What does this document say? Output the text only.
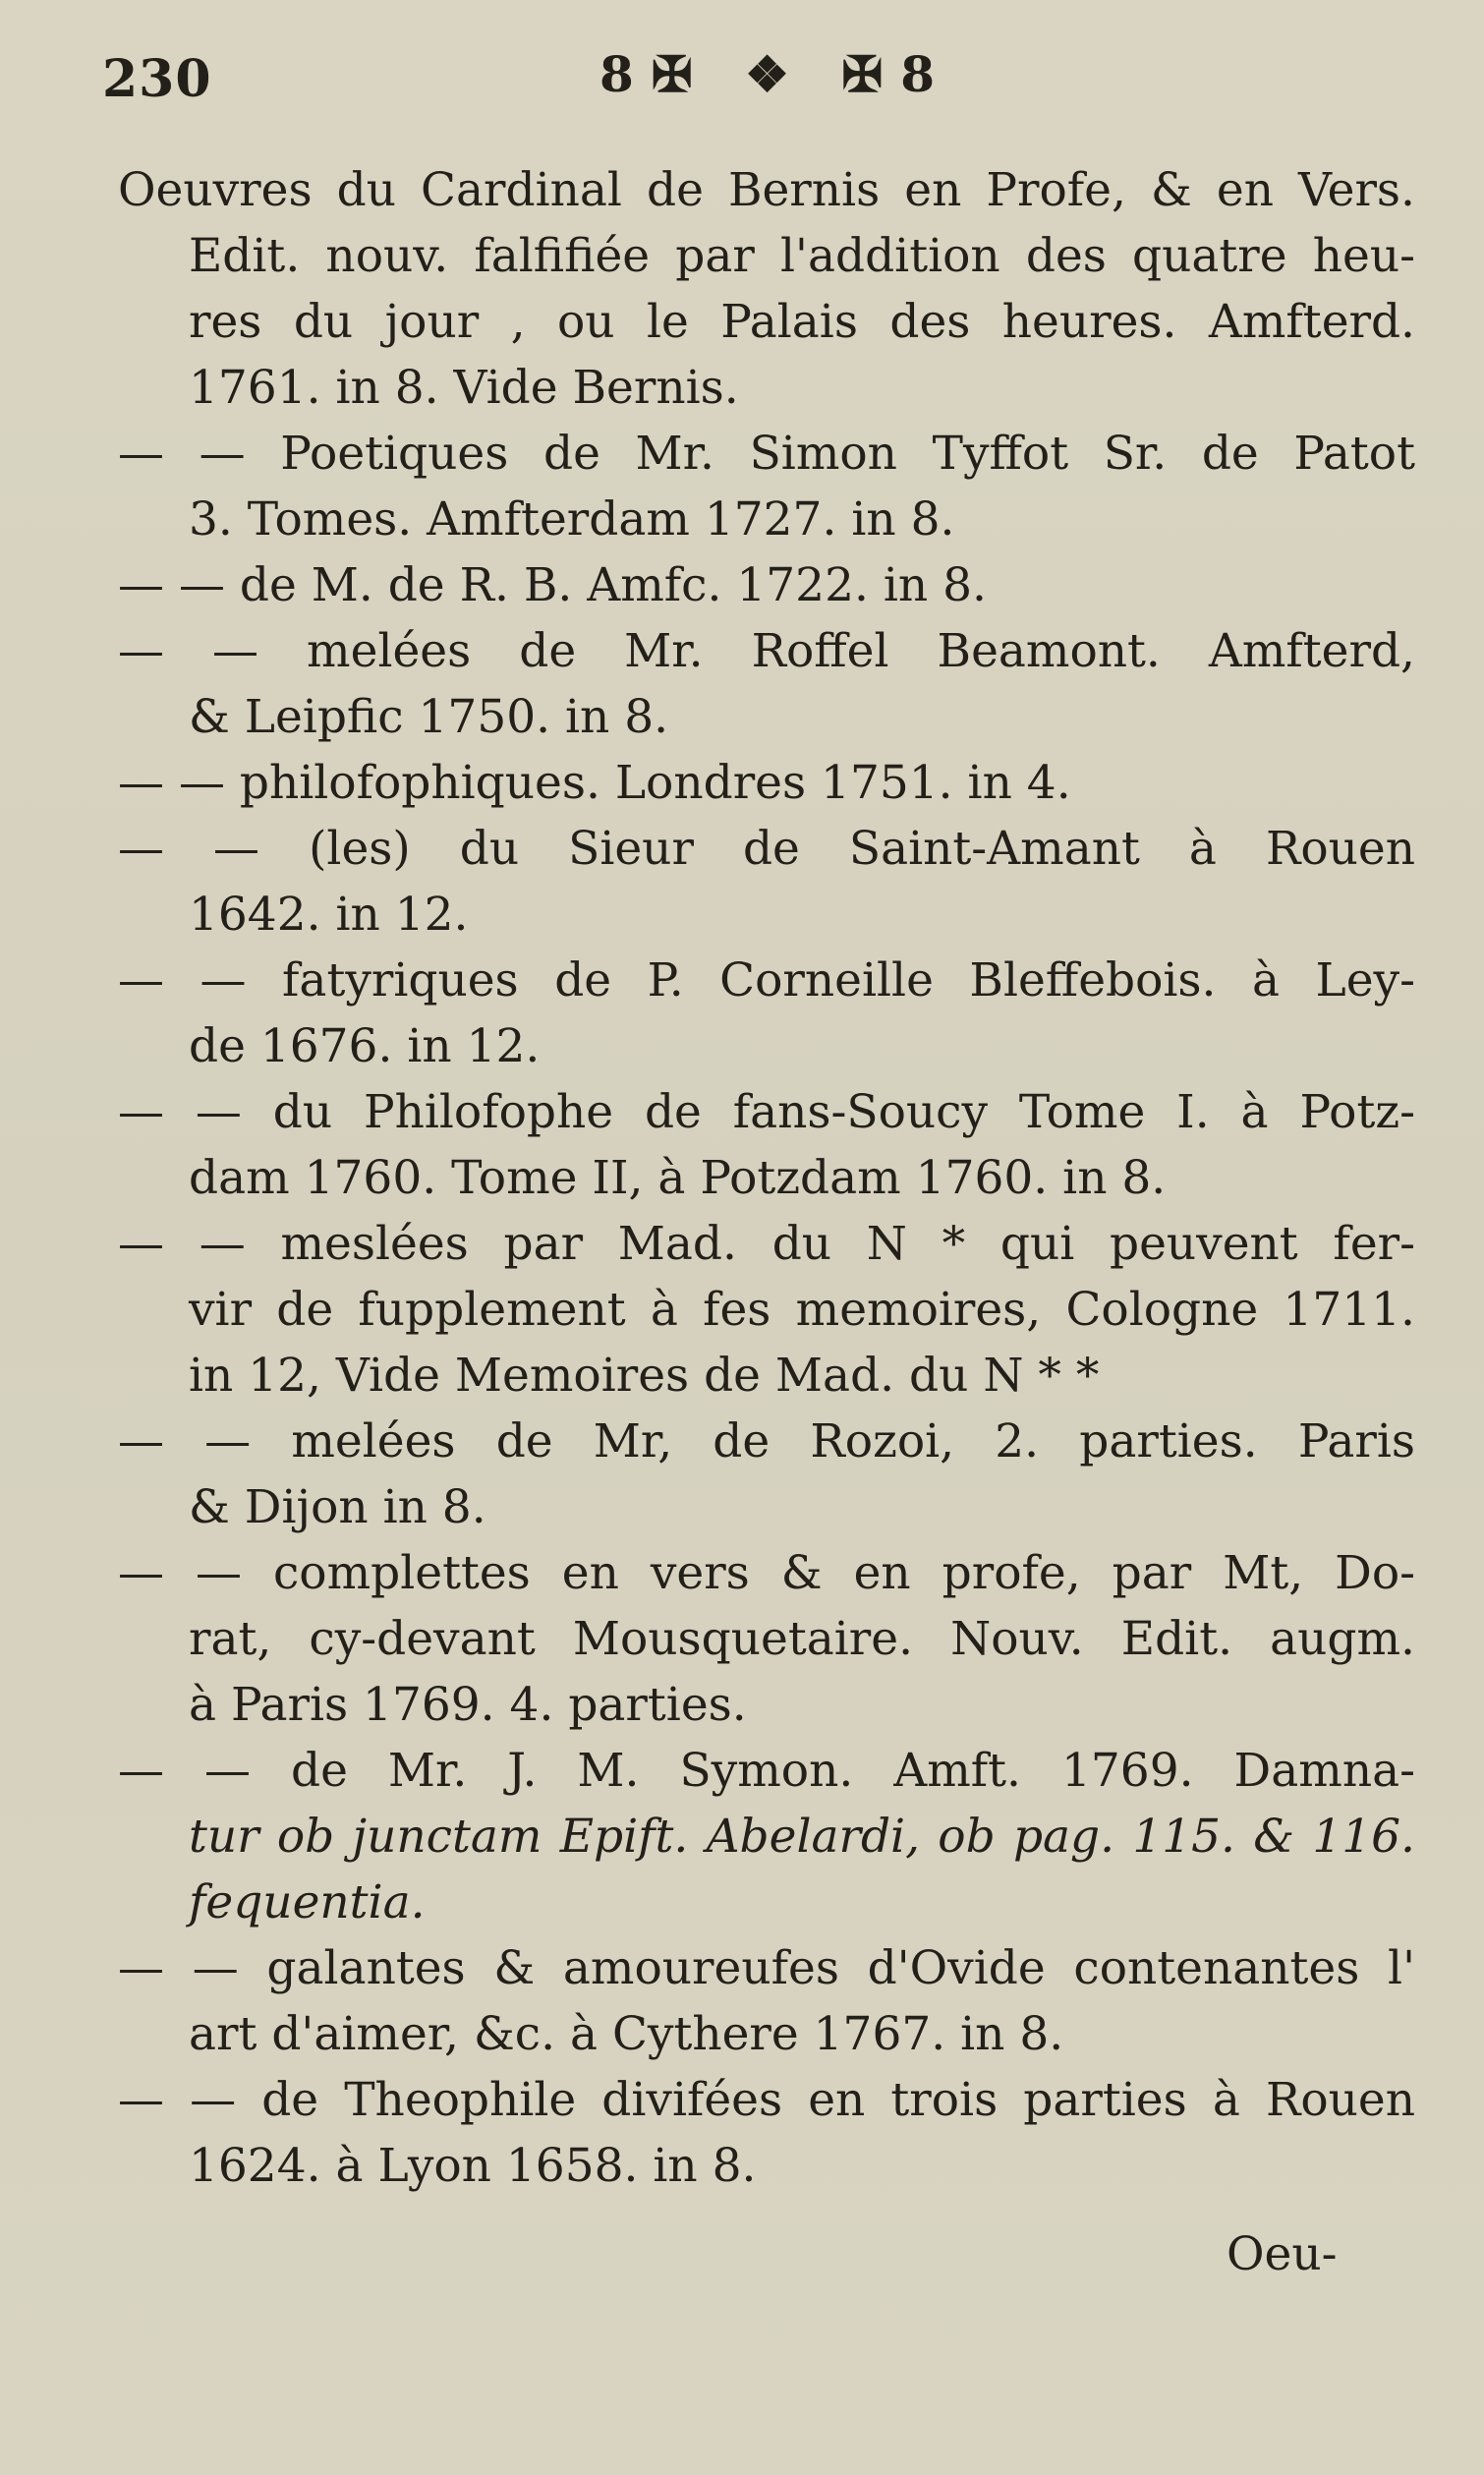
230	8✠ ❖ ✠8
Oeuvres du Cardinal de Bernis en Profe, & en Vers.
Edit. nouv. falfifiée par l'addition des quatre heu-
res du jour , ou le Palais des heures. Amfterd.
1761. in 8. Vide Bernis.
— — Poetiques de Mr. Simon Tyffot Sr. de Patot
3. Tomes. Amfterdam 1727. in 8.
— — de M. de R. B. Amfc. 1722. in 8.
— — melées de Mr. Roffel Beamont. Amfterd,
& Leipfic 1750. in 8.
— — philofophiques. Londres 1751. in 4.
— — (les) du Sieur de Saint-Amant à Rouen
1642. in 12.
— — fatyriques de P. Corneille Bleffebois. à Ley-
de 1676. in 12.
— — du Philofophe de fans-Soucy Tome I. à Potz-
dam 1760. Tome II, à Potzdam 1760. in 8.
— — meslées par Mad. du N * qui peuvent fer-
vir de fupplement à fes memoires, Cologne 1711.
in 12, Vide Memoires de Mad. du N * *
— — melées de Mr, de Rozoi, 2. parties. Paris
& Dijon in 8.
— — complettes en vers & en profe, par Mt, Do-
rat, cy-devant Mousquetaire. Nouv. Edit. augm.
à Paris 1769. 4. parties.
— — de Mr. J. M. Symon. Amft. 1769. Damna-
tur ob junctam Epift. Abelardi, ob pag. 115. & 116.
fequentia.
— — galantes & amoureufes d'Ovide contenantes l'
art d'aimer, &c. à Cythere 1767. in 8.
— — de Theophile divifées en trois parties à Rouen
1624. à Lyon 1658. in 8.
Oeu-
